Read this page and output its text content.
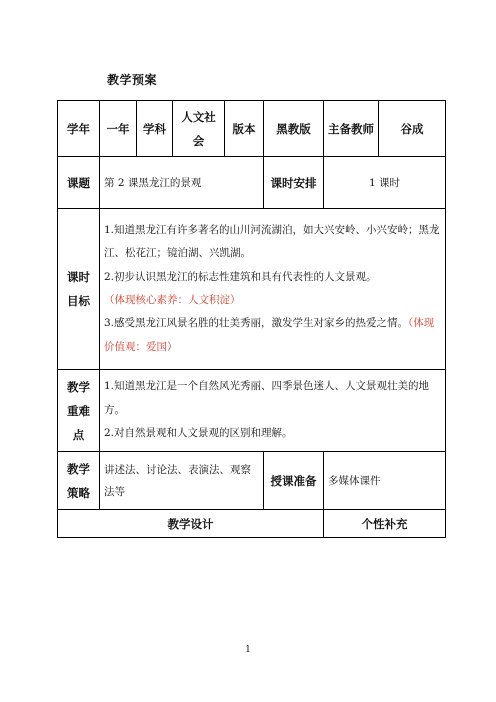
教学预案
学年	一年	学科	人文社会	版本	黑教版	主备教师	谷成
课题	第 2 课黑龙江的景观				课时安排	1 课时	
课时目标	1.知道黑龙江有许多著名的山川河流湖泊，如大兴安岭、小兴安岭；黑龙江、松花江；镜泊湖、兴凯湖。
2.初步认识黑龙江的标志性建筑和具有代表性的人文景观。
（体现核心素养：人文积淀）
3.感受黑龙江风景名胜的壮美秀丽，激发学生对家乡的热爱之情。（体现价值观：爱国）						

教学重难点	1.知道黑龙江是一个自然风光秀丽、四季景色迷人、人文景观壮美的地方。
2.对自然景观和人文景观的区别和理解。						

教学策略	讲述法、讨论法、表演法、观察法等				授课准备	多媒体课件	
教学设计						个性补充	
1
